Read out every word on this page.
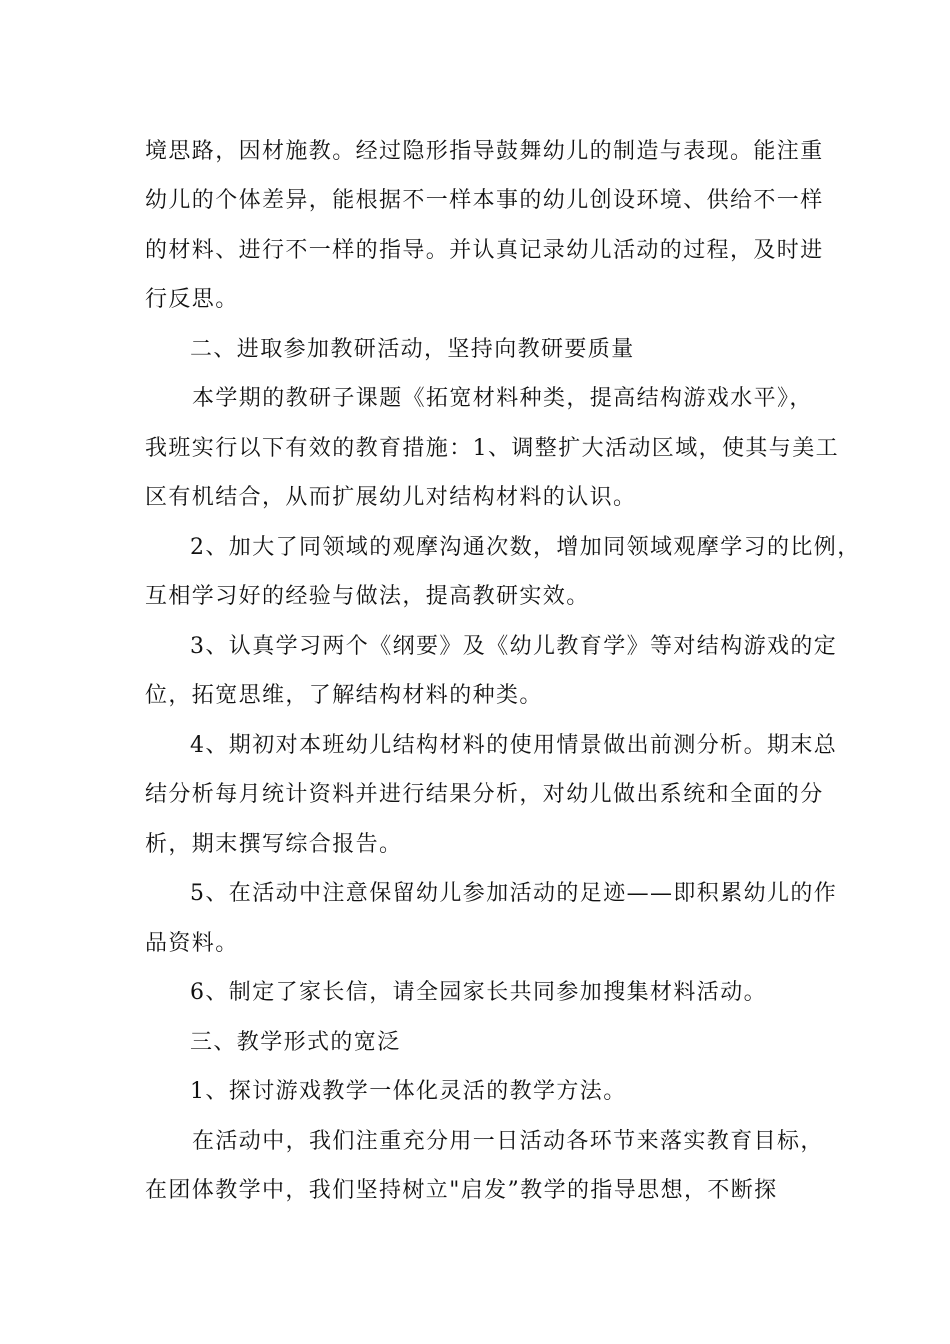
境思路，因材施教。经过隐形指导鼓舞幼儿的制造与表现。能注重
幼儿的个体差异，能根据不一样本事的幼儿创设环境、供给不一样
的材料、进行不一样的指导。并认真记录幼儿活动的过程，及时进
行反思。
二、进取参加教研活动，坚持向教研要质量
本学期的教研子课题《拓宽材料种类，提高结构游戏水平》，
我班实行以下有效的教育措施：1、调整扩大活动区域，使其与美工
区有机结合，从而扩展幼儿对结构材料的认识。
2、加大了同领域的观摩沟通次数，增加同领域观摩学习的比例，
互相学习好的经验与做法，提高教研实效。
3、认真学习两个《纲要》及《幼儿教育学》等对结构游戏的定
位，拓宽思维，了解结构材料的种类。
4、期初对本班幼儿结构材料的使用情景做出前测分析。期末总
结分析每月统计资料并进行结果分析，对幼儿做出系统和全面的分
析，期末撰写综合报告。
5、在活动中注意保留幼儿参加活动的足迹——即积累幼儿的作
品资料。
6、制定了家长信，请全园家长共同参加搜集材料活动。
三、教学形式的宽泛
1、探讨游戏教学一体化灵活的教学方法。
在活动中，我们注重充分用一日活动各环节来落实教育目标，
在团体教学中，我们坚持树立"启发”教学的指导思想，不断探
